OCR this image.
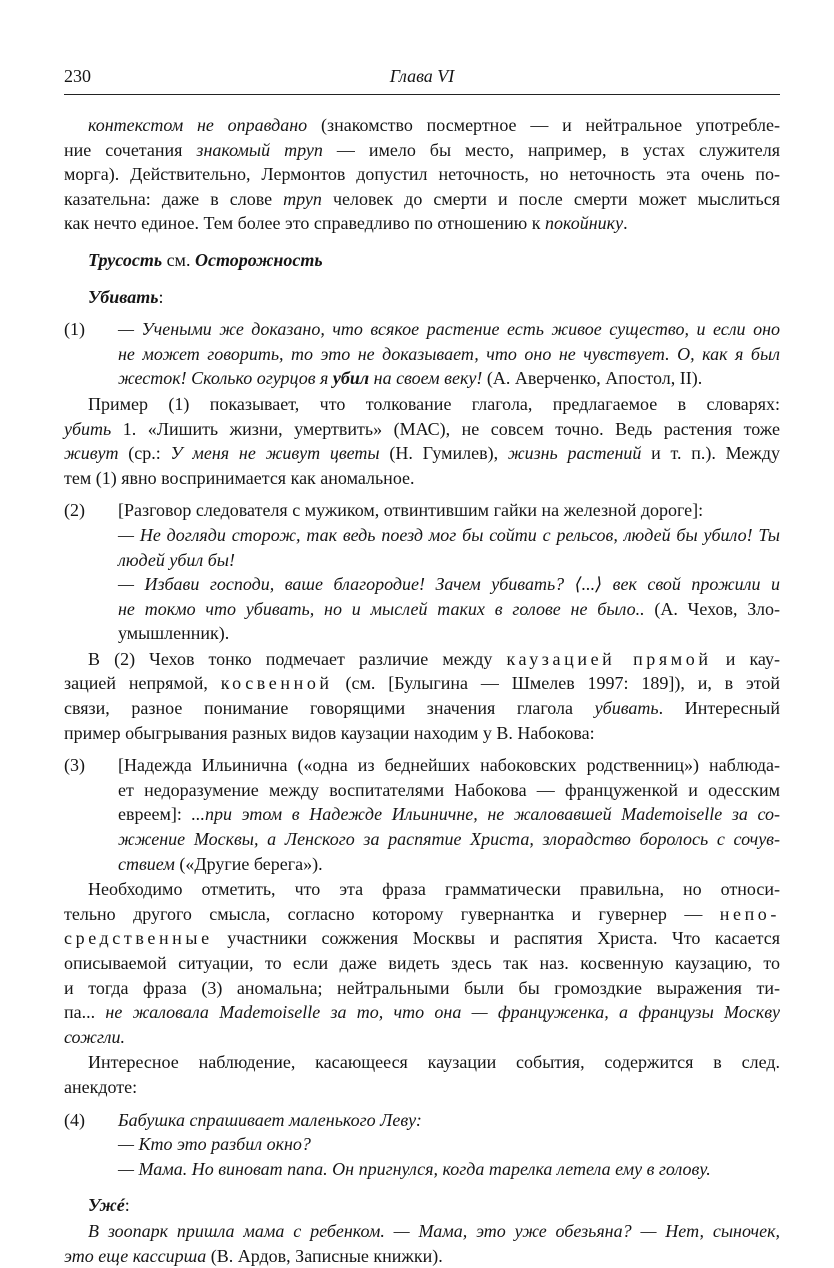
230	Глава VI
контекстом не оправдано (знакомство посмертное — и нейтральное употребле-
ние сочетания знакомый труп — имело бы место, например, в устах служителя
морга). Действительно, Лермонтов допустил неточность, но неточность эта очень по-
казательна: даже в слове труп человек до смерти и после смерти может мыслиться
как нечто единое. Тем более это справедливо по отношению к покойнику.
Трусость см. Осторожность
Убивать:
(1) — Учеными же доказано, что всякое растение есть живое существо, и если оно
не может говорить, то это не доказывает, что оно не чувствует. О, как я был
жесток! Сколько огурцов я убил на своем веку! (А. Аверченко, Апостол, II).
Пример (1) показывает, что толкование глагола, предлагаемое в словарях:
убить 1. «Лишить жизни, умертвить» (МАС), не совсем точно. Ведь растения тоже
живут (ср.: У меня не живут цветы (Н. Гумилев), жизнь растений и т. п.). Между
тем (1) явно воспринимается как аномальное.
(2) [Разговор следователя с мужиком, отвинтившим гайки на железной дороге]:
— Не догляди сторож, так ведь поезд мог бы сойти с рельсов, людей бы убило! Ты
людей убил бы!
— Избави господи, ваше благородие! Зачем убивать? ⟨...⟩ век свой прожили и
не токмо что убивать, но и мыслей таких в голове не было.. (А. Чехов, Зло-
умышленник).
В (2) Чехов тонко подмечает различие между каузацией прямой и кау-
зацией непрямой, косвенной (см. [Булыгина — Шмелев 1997: 189]), и, в этой
связи, разное понимание говорящими значения глагола убивать. Интересный
пример обыгрывания разных видов каузации находим у В. Набокова:
(3) [Надежда Ильинична («одна из беднейших набоковских родственниц») наблюда-
ет недоразумение между воспитателями Набокова — француженкой и одесским
евреем]: ...при этом в Надежде Ильиничне, не жаловавшей Mademoiselle за со-
жжение Москвы, а Ленского за распятие Христа, злорадство боролось с сочув-
ствием («Другие берега»).
Необходимо отметить, что эта фраза грамматически правильна, но относи-
тельно другого смысла, согласно которому гувернантка и гувернер — непо-
средственные участники сожжения Москвы и распятия Христа. Что касается
описываемой ситуации, то если даже видеть здесь так наз. косвенную каузацию, то
и тогда фраза (3) аномальна; нейтральными были бы громоздкие выражения ти-
па... не жаловала Mademoiselle за то, что она — француженка, а французы Москву
сожгли.
Интересное наблюдение, касающееся каузации события, содержится в след.
анекдоте:
(4) Бабушка спрашивает маленького Леву:
— Кто это разбил окно?
— Мама. Но виноват папа. Он пригнулся, когда тарелка летела ему в голову.
Ужé:
В зоопарк пришла мама с ребенком. — Мама, это уже обезьяна? — Нет, сыночек,
это еще кассирша (В. Ардов, Записные книжки).
